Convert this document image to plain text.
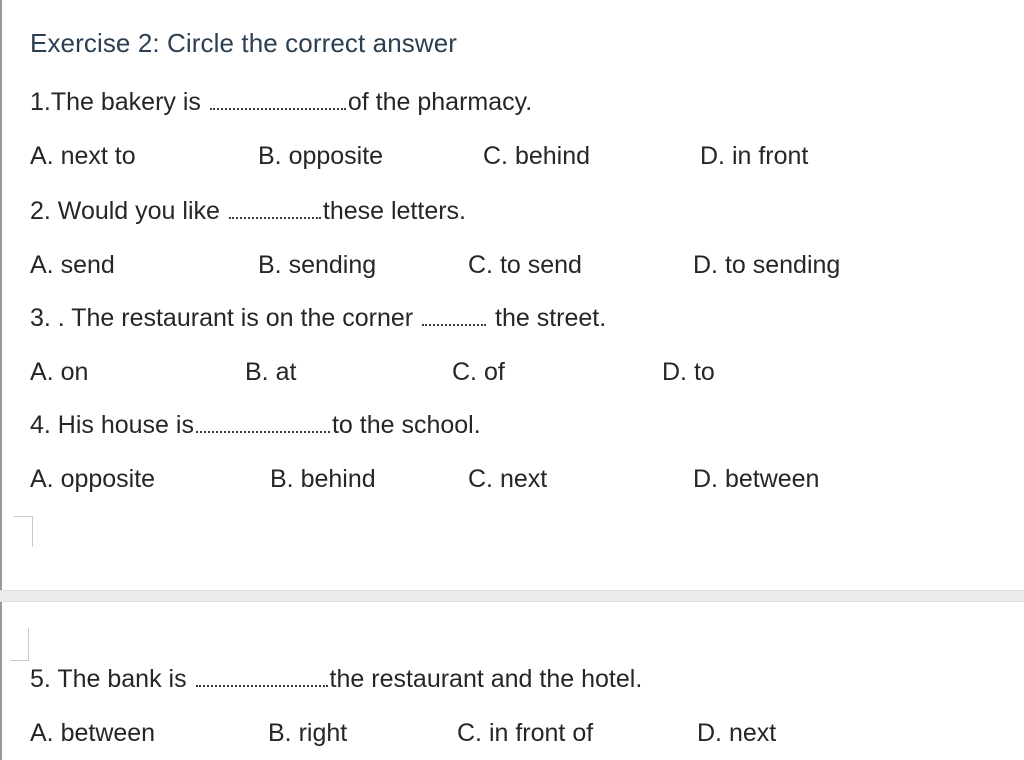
Exercise 2: Circle the correct answer
1.The bakery is	of the pharmacy.
A. next to	B. opposite	C. behind	D. in front
2. Would you like	these letters.
A. send	B. sending	C. to send	D. to sending
3. . The restaurant is on the corner	the street.
A. on	B. at	C. of	D. to
4. His house is	to the school.
A. opposite	B. behind	C. next	D. between
5. The bank is	the restaurant and the hotel.
A. between	B. right	C. in front of	D. next
